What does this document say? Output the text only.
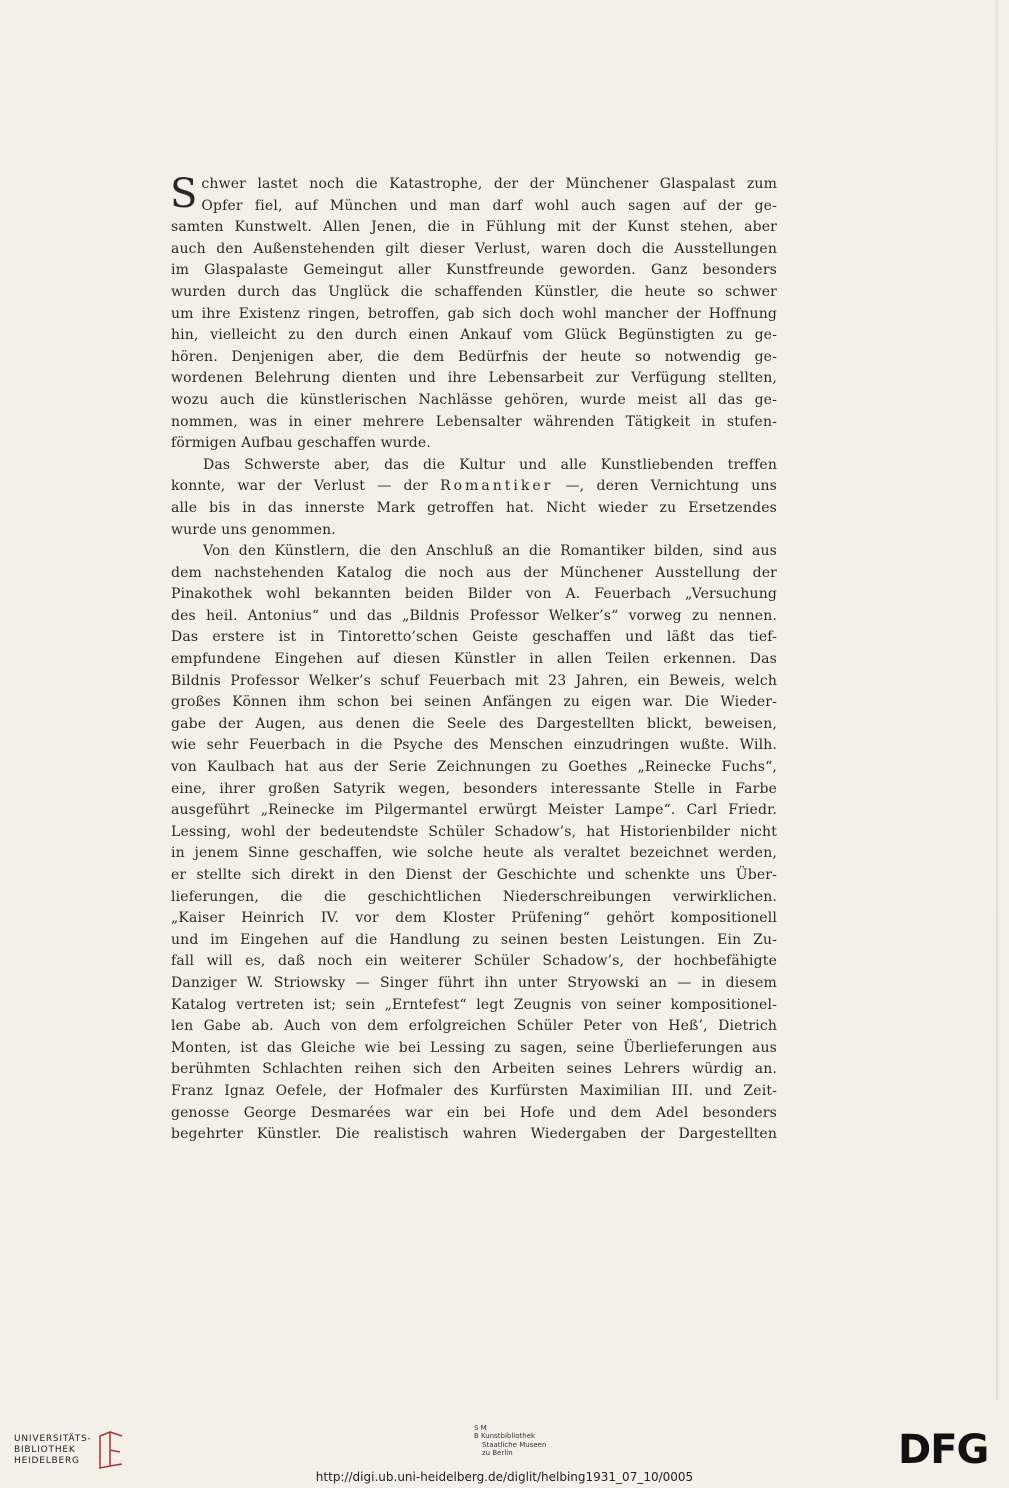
S chwer lastet noch die Katastrophe, der der Münchener Glaspalast zum
Opfer fiel, auf München und man darf wohl auch sagen auf der ge-
samten Kunstwelt. Allen Jenen, die in Fühlung mit der Kunst stehen, aber
auch den Außenstehenden gilt dieser Verlust, waren doch die Ausstellungen
im Glaspalaste Gemeingut aller Kunstfreunde geworden. Ganz besonders
wurden durch das Unglück die schaffenden Künstler, die heute so schwer
um ihre Existenz ringen, betroffen, gab sich doch wohl mancher der Hoffnung
hin, vielleicht zu den durch einen Ankauf vom Glück Begünstigten zu ge-
hören. Denjenigen aber, die dem Bedürfnis der heute so notwendig ge-
wordenen Belehrung dienten und ihre Lebensarbeit zur Verfügung stellten,
wozu auch die künstlerischen Nachlässe gehören, wurde meist all das ge-
nommen, was in einer mehrere Lebensalter währenden Tätigkeit in stufen-
förmigen Aufbau geschaffen wurde.
Das Schwerste aber, das die Kultur und alle Kunstliebenden treffen
konnte, war der Verlust — der Romantiker —, deren Vernichtung uns
alle bis in das innerste Mark getroffen hat. Nicht wieder zu Ersetzendes
wurde uns genommen.
Von den Künstlern, die den Anschluß an die Romantiker bilden, sind aus
dem nachstehenden Katalog die noch aus der Münchener Ausstellung der
Pinakothek wohl bekannten beiden Bilder von A. Feuerbach „Versuchung
des heil. Antonius“ und das „Bildnis Professor Welker’s“ vorweg zu nennen.
Das erstere ist in Tintoretto’schen Geiste geschaffen und läßt das tief-
empfundene Eingehen auf diesen Künstler in allen Teilen erkennen. Das
Bildnis Professor Welker’s schuf Feuerbach mit 23 Jahren, ein Beweis, welch
großes Können ihm schon bei seinen Anfängen zu eigen war. Die Wieder-
gabe der Augen, aus denen die Seele des Dargestellten blickt, beweisen,
wie sehr Feuerbach in die Psyche des Menschen einzudringen wußte. Wilh.
von Kaulbach hat aus der Serie Zeichnungen zu Goethes „Reinecke Fuchs“,
eine, ihrer großen Satyrik wegen, besonders interessante Stelle in Farbe
ausgeführt „Reinecke im Pilgermantel erwürgt Meister Lampe“. Carl Friedr.
Lessing, wohl der bedeutendste Schüler Schadow’s, hat Historienbilder nicht
in jenem Sinne geschaffen, wie solche heute als veraltet bezeichnet werden,
er stellte sich direkt in den Dienst der Geschichte und schenkte uns Über-
lieferungen, die die geschichtlichen Niederschreibungen verwirklichen.
„Kaiser Heinrich IV. vor dem Kloster Prüfening“ gehört kompositionell
und im Eingehen auf die Handlung zu seinen besten Leistungen. Ein Zu-
fall will es, daß noch ein weiterer Schüler Schadow’s, der hochbefähigte
Danziger W. Striowsky — Singer führt ihn unter Stryowski an — in diesem
Katalog vertreten ist; sein „Erntefest“ legt Zeugnis von seiner kompositionel-
len Gabe ab. Auch von dem erfolgreichen Schüler Peter von Heß’, Dietrich
Monten, ist das Gleiche wie bei Lessing zu sagen, seine Überlieferungen aus
berühmten Schlachten reihen sich den Arbeiten seines Lehrers würdig an.
Franz Ignaz Oefele, der Hofmaler des Kurfürsten Maximilian III. und Zeit-
genosse George Desmarées war ein bei Hofe und dem Adel besonders
begehrter Künstler. Die realistisch wahren Wiedergaben der Dargestellten
UNIVERSITÄTS-
BIBLIOTHEK
HEIDELBERG
S M
B Kunstbibliothek
Staatliche Museen
zu Berlin	DFG
http://digi.ub.uni-heidelberg.de/diglit/helbing1931_07_10/0005
